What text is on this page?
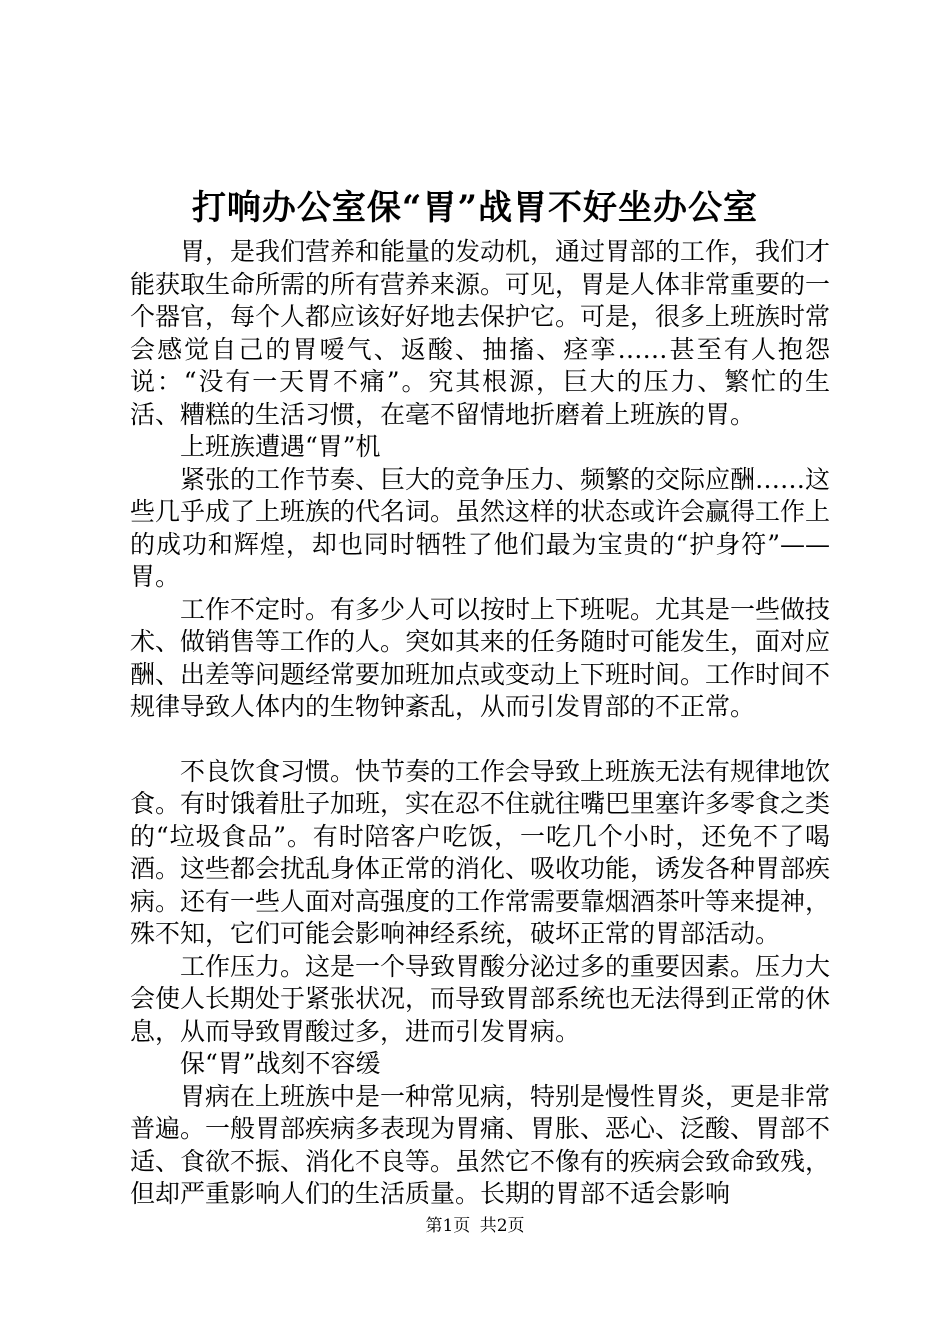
打响办公室保“胃”战胃不好坐办公室

胃，是我们营养和能量的发动机，通过胃部的工作，我们才能获取生命所需的所有营养来源。可见，胃是人体非常重要的一个器官，每个人都应该好好地去保护它。可是，很多上班族时常会感觉自己的胃嗳气、返酸、抽搐、痉挛……甚至有人抱怨说：“没有一天胃不痛”。究其根源，巨大的压力、繁忙的生活、糟糕的生活习惯，在毫不留情地折磨着上班族的胃。

上班族遭遇“胃”机

紧张的工作节奏、巨大的竞争压力、频繁的交际应酬……这些几乎成了上班族的代名词。虽然这样的状态或许会赢得工作上的成功和辉煌，却也同时牺牲了他们最为宝贵的“护身符”——胃。

工作不定时。有多少人可以按时上下班呢。尤其是一些做技术、做销售等工作的人。突如其来的任务随时可能发生，面对应酬、出差等问题经常要加班加点或变动上下班时间。工作时间不规律导致人体内的生物钟紊乱，从而引发胃部的不正常。

不良饮食习惯。快节奏的工作会导致上班族无法有规律地饮食。有时饿着肚子加班，实在忍不住就往嘴巴里塞许多零食之类的“垃圾食品”。有时陪客户吃饭，一吃几个小时，还免不了喝酒。这些都会扰乱身体正常的消化、吸收功能，诱发各种胃部疾病。还有一些人面对高强度的工作常需要靠烟酒茶叶等来提神，殊不知，它们可能会影响神经系统，破坏正常的胃部活动。

工作压力。这是一个导致胃酸分泌过多的重要因素。压力大会使人长期处于紧张状况，而导致胃部系统也无法得到正常的休息，从而导致胃酸过多，进而引发胃病。

保“胃”战刻不容缓

胃病在上班族中是一种常见病，特别是慢性胃炎，更是非常普遍。一般胃部疾病多表现为胃痛、胃胀、恶心、泛酸、胃部不适、食欲不振、消化不良等。虽然它不像有的疾病会致命致残，但却严重影响人们的生活质量。长期的胃部不适会影响

第1页 共2页
